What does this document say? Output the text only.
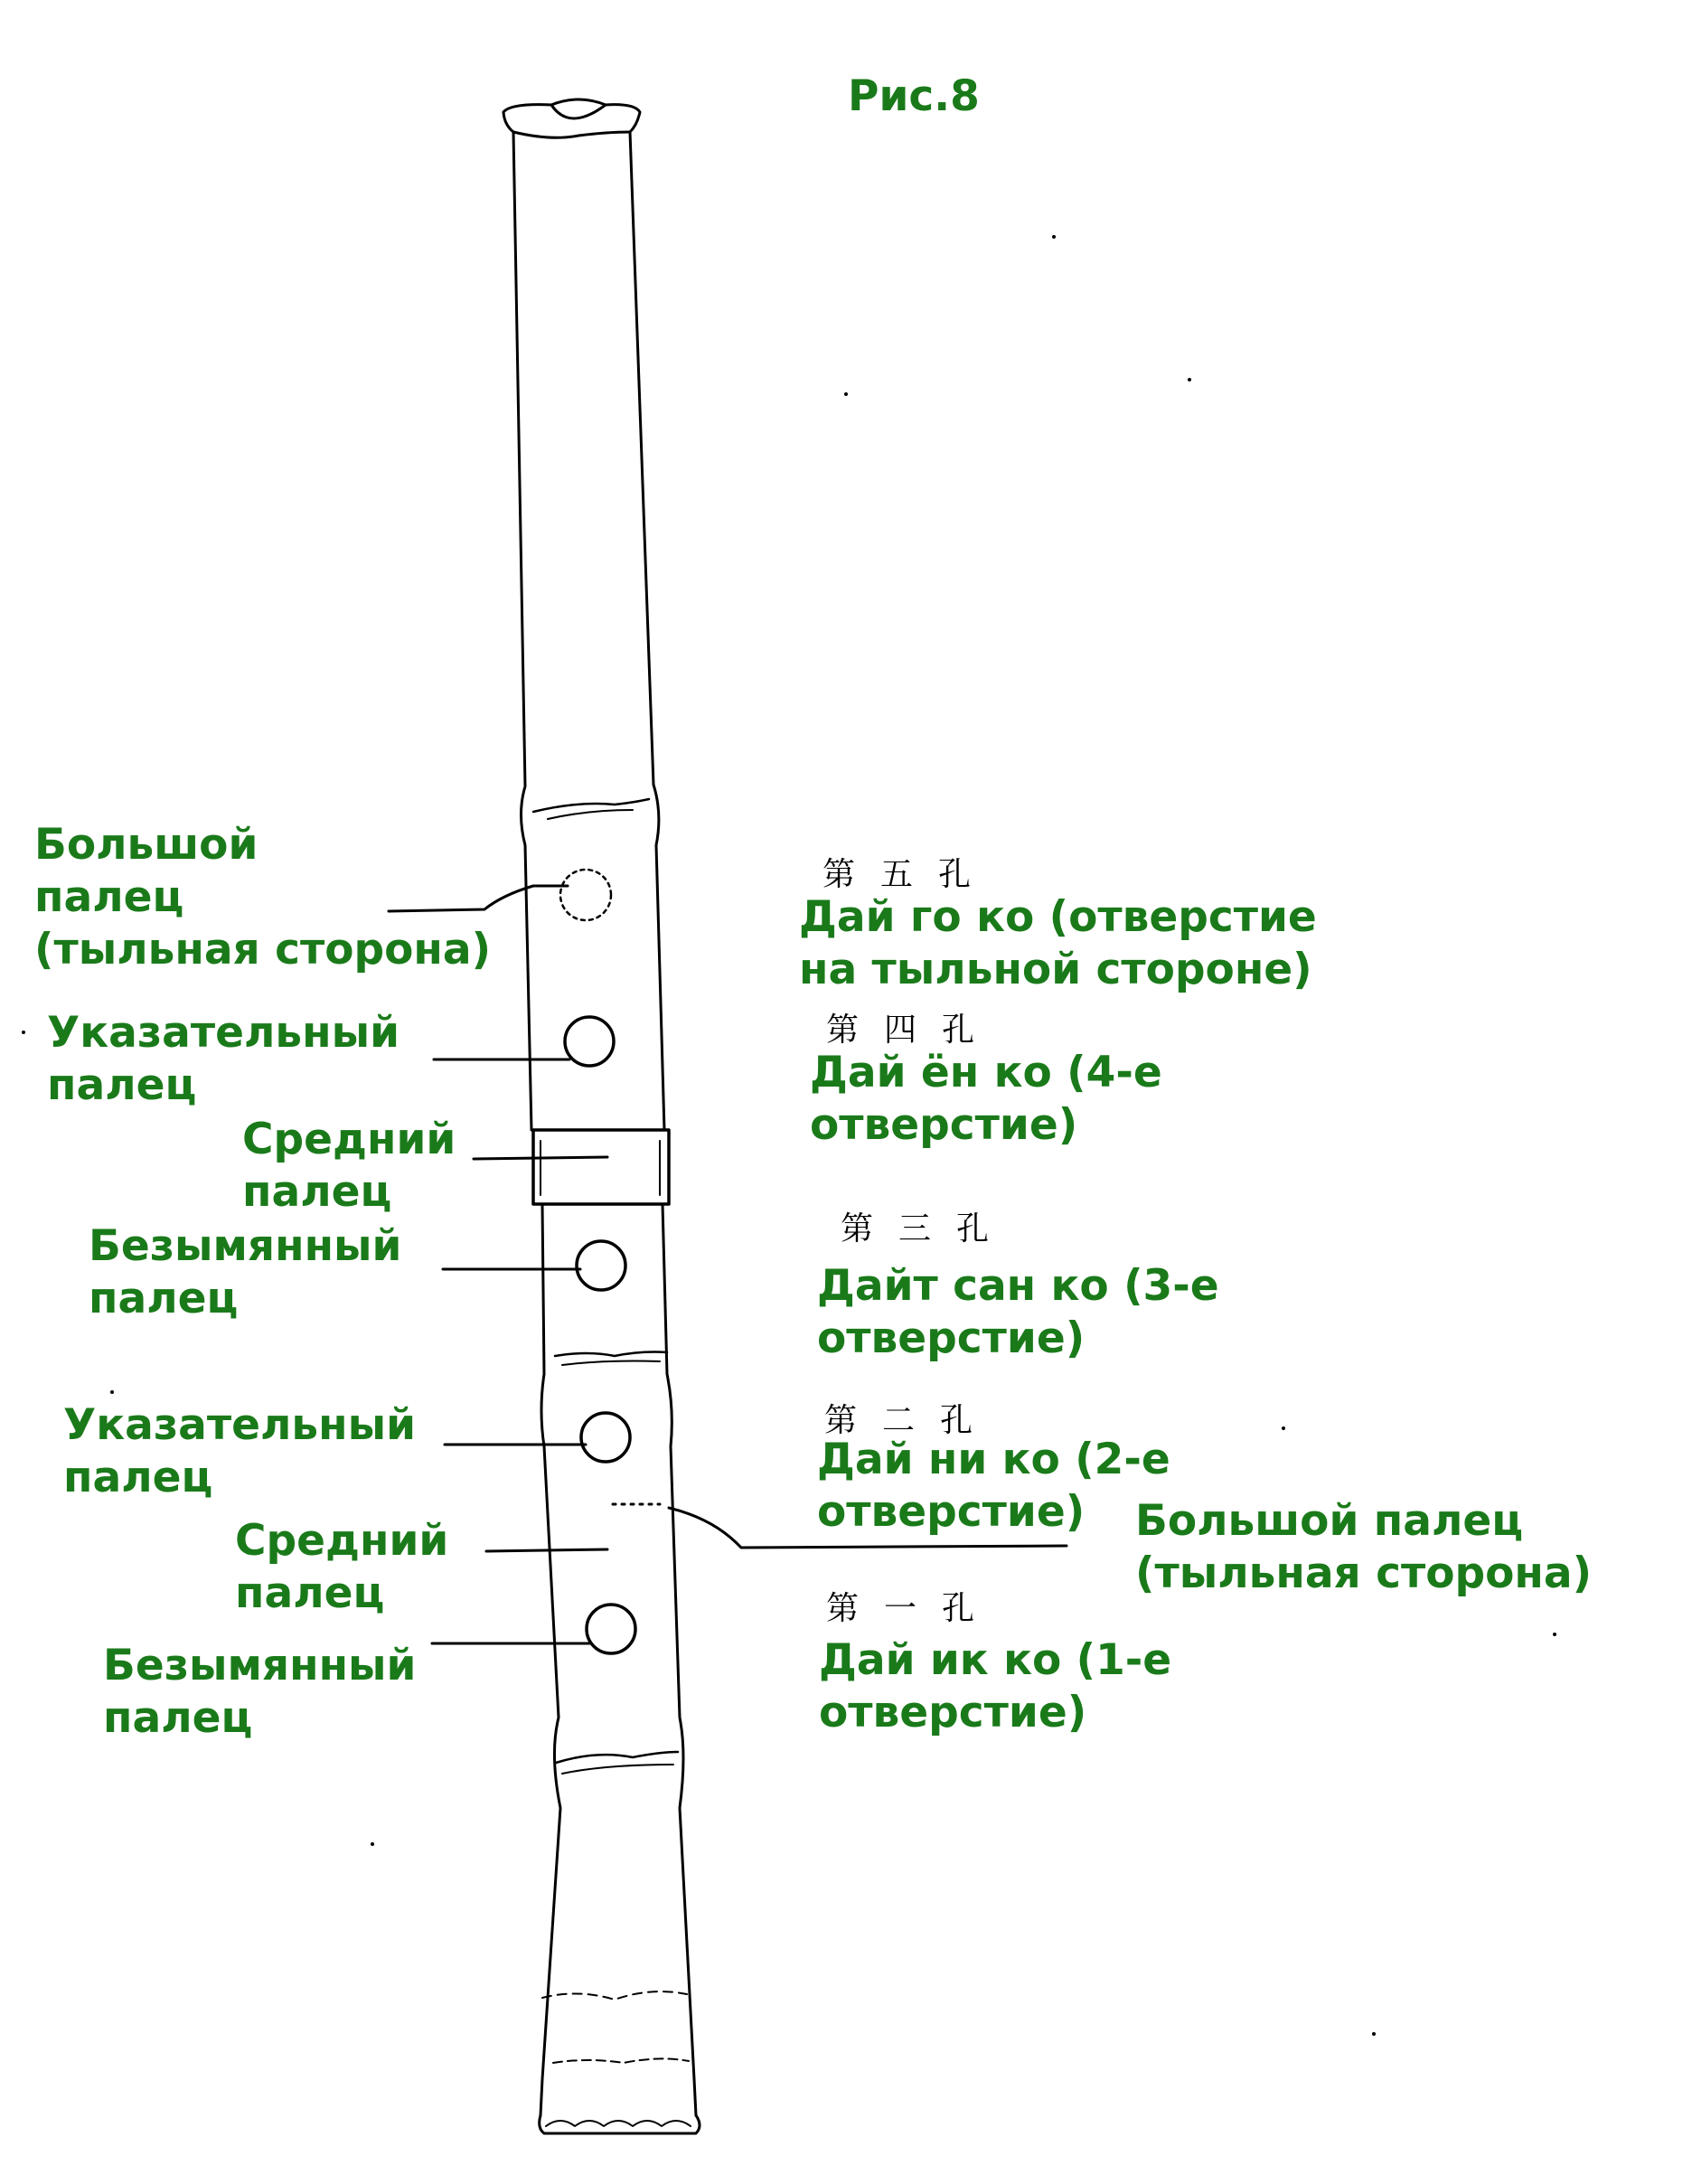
Рис.8
Большой
палец
(тыльная сторона)
Указательный
палец
Средний
палец
Безымянный
палец
Указательный
палец
Средний
палец
Безымянный
палец
第五孔
Дай го ко (отверстие
на тыльной стороне)
第四孔
Дай ён ко (4-е
отверстие)
第三孔
Дайт сан ко (3-е
отверстие)
第二孔
Дай ни ко (2-е
отверстие)	Большой палец
(тыльная сторона)
第一孔
Дай ик ко (1-е
отверстие)
